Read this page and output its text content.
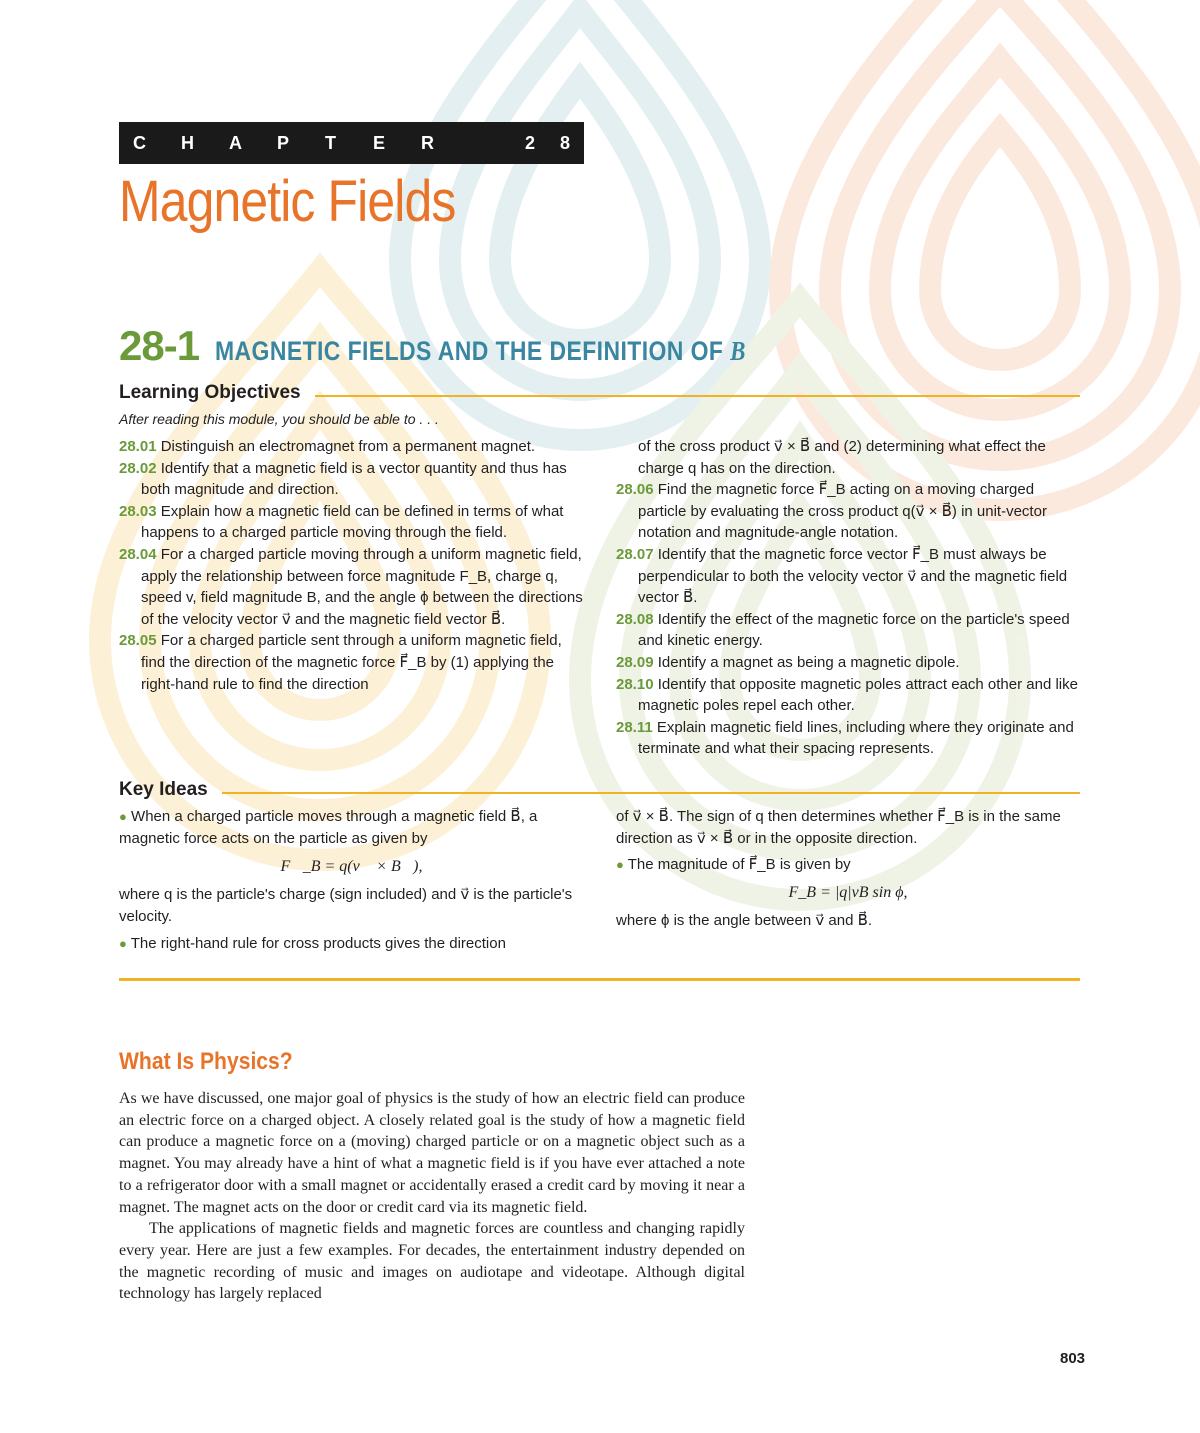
C	H	A	P	T	E	R	2 8
Magnetic Fields
28-1 MAGNETIC FIELDS AND THE DEFINITION OF B⃗
Learning Objectives
After reading this module, you should be able to . . .

28.01 Distinguish an electromagnet from a permanent magnet.

28.02 Identify that a magnetic field is a vector quantity and thus has both magnitude and direction.

28.03 Explain how a magnetic field can be defined in terms of what happens to a charged particle moving through the field.

28.04 For a charged particle moving through a uniform magnetic field, apply the relationship between force magnitude F_B, charge q, speed v, field magnitude B, and the angle ϕ between the directions of the velocity vector v⃗ and the magnetic field vector B⃗.

28.05 For a charged particle sent through a uniform magnetic field, find the direction of the magnetic force F⃗_B by (1) applying the right-hand rule to find the direction

of the cross product v⃗ × B⃗ and (2) determining what effect the charge q has on the direction.

28.06 Find the magnetic force F⃗_B acting on a moving charged particle by evaluating the cross product q(v⃗ × B⃗) in unit-vector notation and magnitude-angle notation.

28.07 Identify that the magnetic force vector F⃗_B must always be perpendicular to both the velocity vector v⃗ and the magnetic field vector B⃗.

28.08 Identify the effect of the magnetic force on the particle's speed and kinetic energy.

28.09 Identify a magnet as being a magnetic dipole.

28.10 Identify that opposite magnetic poles attract each other and like magnetic poles repel each other.

28.11 Explain magnetic field lines, including where they originate and terminate and what their spacing represents.

Key Ideas

● When a charged particle moves through a magnetic field B⃗, a magnetic force acts on the particle as given by

F⃗_B = q(v⃗ × B⃗),

where q is the particle's charge (sign included) and v⃗ is the particle's velocity.

● The right-hand rule for cross products gives the direction

of v⃗ × B⃗. The sign of q then determines whether F⃗_B is in the same direction as v⃗ × B⃗ or in the opposite direction.

● The magnitude of F⃗_B is given by

F_B = |q|vB sin ϕ,

where ϕ is the angle between v⃗ and B⃗.

What Is Physics?

As we have discussed, one major goal of physics is the study of how an electric field can produce an electric force on a charged object. A closely related goal is the study of how a magnetic field can produce a magnetic force on a (moving) charged particle or on a magnetic object such as a magnet. You may already have a hint of what a magnetic field is if you have ever attached a note to a refrigerator door with a small magnet or accidentally erased a credit card by moving it near a magnet. The magnet acts on the door or credit card via its magnetic field.

The applications of magnetic fields and magnetic forces are countless and changing rapidly every year. Here are just a few examples. For decades, the entertainment industry depended on the magnetic recording of music and images on audiotape and videotape. Although digital technology has largely replaced

803
